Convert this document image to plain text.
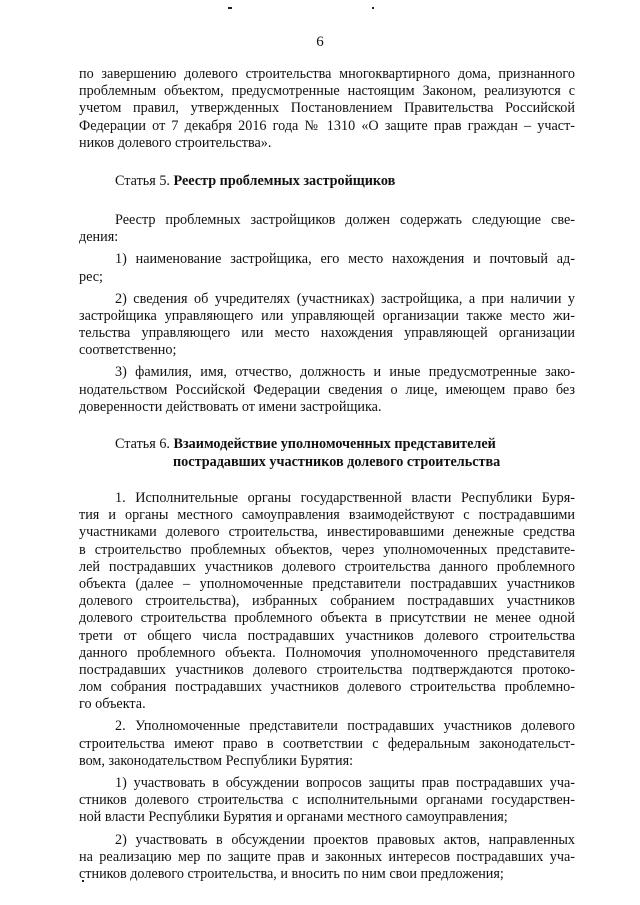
6
по завершению долевого строительства многоквартирного дома, признанного
проблемным объектом, предусмотренные настоящим Законом, реализуются с
учетом правил, утвержденных Постановлением Правительства Российской
Федерации от 7 декабря 2016 года № 1310 «О защите прав граждан – участ-
ников долевого строительства».
Статья 5. Реестр проблемных застройщиков
Реестр проблемных застройщиков должен содержать следующие све-
дения:
1) наименование застройщика, его место нахождения и почтовый ад-
рес;
2) сведения об учредителях (участниках) застройщика, а при наличии у
застройщика управляющего или управляющей организации также место жи-
тельства управляющего или место нахождения управляющей организации
соответственно;
3) фамилия, имя, отчество, должность и иные предусмотренные зако-
нодательством Российской Федерации сведения о лице, имеющем право без
доверенности действовать от имени застройщика.
Статья 6. Взаимодействие уполномоченных представителей
пострадавших участников долевого строительства
1. Исполнительные органы государственной власти Республики Буря-
тия и органы местного самоуправления взаимодействуют с пострадавшими
участниками долевого строительства, инвестировавшими денежные средства
в строительство проблемных объектов, через уполномоченных представите-
лей пострадавших участников долевого строительства данного проблемного
объекта (далее – уполномоченные представители пострадавших участников
долевого строительства), избранных собранием пострадавших участников
долевого строительства проблемного объекта в присутствии не менее одной
трети от общего числа пострадавших участников долевого строительства
данного проблемного объекта. Полномочия уполномоченного представителя
пострадавших участников долевого строительства подтверждаются протоко-
лом собрания пострадавших участников долевого строительства проблемно-
го объекта.
2. Уполномоченные представители пострадавших участников долевого
строительства имеют право в соответствии с федеральным законодательст-
вом, законодательством Республики Бурятия:
1) участвовать в обсуждении вопросов защиты прав пострадавших уча-
стников долевого строительства с исполнительными органами государствен-
ной власти Республики Бурятия и органами местного самоуправления;
2) участвовать в обсуждении проектов правовых актов, направленных
на реализацию мер по защите прав и законных интересов пострадавших уча-
стников долевого строительства, и вносить по ним свои предложения;
